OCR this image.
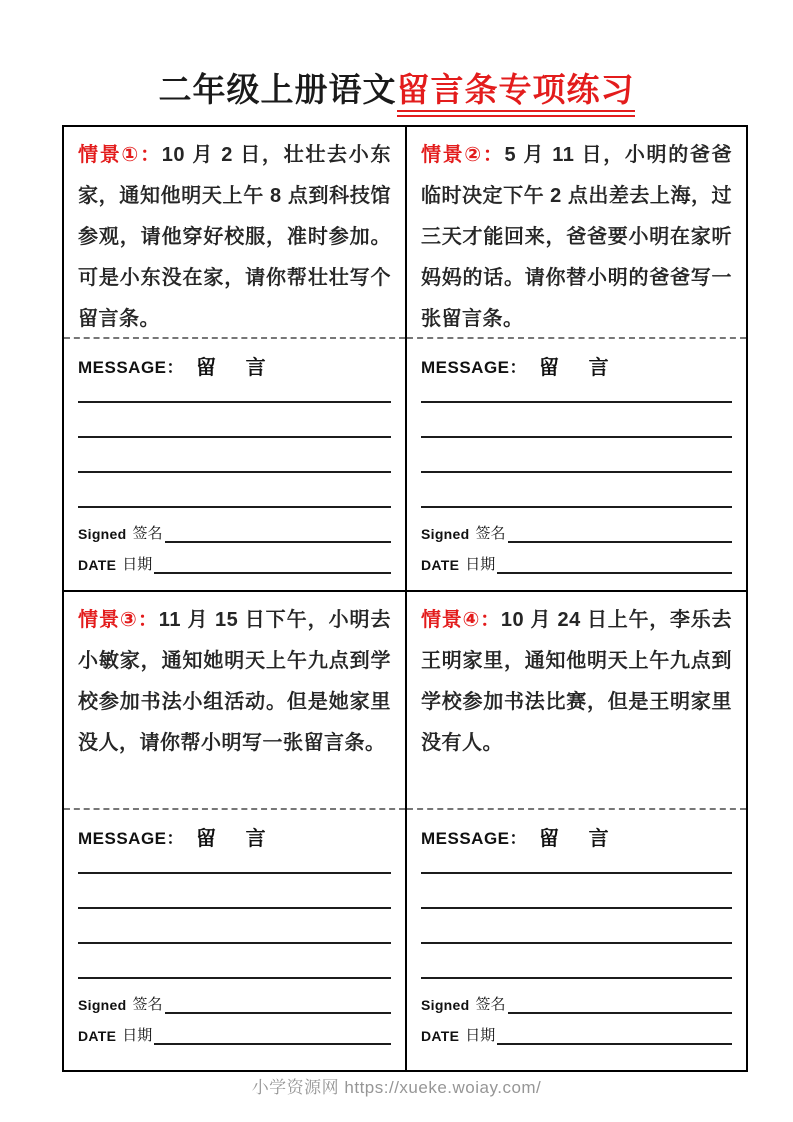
二年级上册语文留言条专项练习

情景①：10 月 2 日，壮壮去小东家，通知他明天上午 8 点到科技馆参观，请他穿好校服，准时参加。可是小东没在家，请你帮壮壮写个留言条。

MESSAGE： 留 言
Signed 签名
DATE 日期

情景②：5 月 11 日，小明的爸爸临时决定下午 2 点出差去上海，过三天才能回来，爸爸要小明在家听妈妈的话。请你替小明的爸爸写一张留言条。

MESSAGE： 留 言
Signed 签名
DATE 日期

情景③：11 月 15 日下午，小明去小敏家，通知她明天上午九点到学校参加书法小组活动。但是她家里没人，请你帮小明写一张留言条。

MESSAGE： 留 言
Signed 签名
DATE 日期

情景④：10 月 24 日上午，李乐去王明家里，通知他明天上午九点到学校参加书法比赛，但是王明家里没有人。

MESSAGE： 留 言
Signed 签名
DATE 日期
小学资源网 https://xueke.woiay.com/
